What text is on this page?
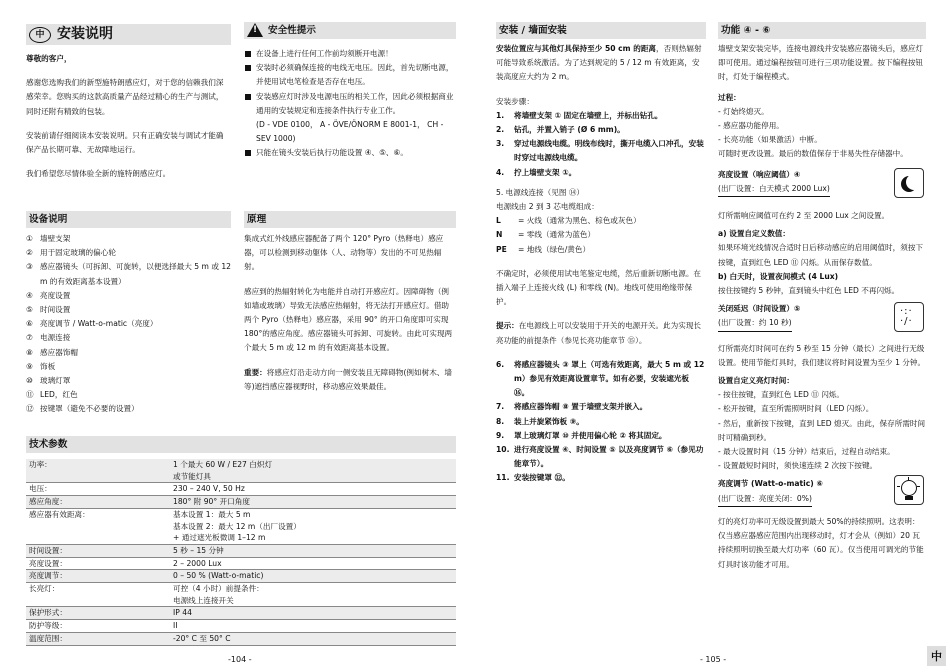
中 安装说明

尊敬的客户，

感谢您选购我们的新型施特朗感应灯，对于您的信赖我们深感荣幸。您购买的这款高质量产品经过精心的生产与测试，同时还附有精致的包装。

安装前请仔细阅读本安装说明。只有正确安装与调试才能确保产品长期可靠、无故障地运行。

我们希望您尽情体验全新的施特朗感应灯。

设备说明
① 墙壁支架
② 用于固定玻璃的偏心轮
③ 感应器镜头（可拆卸、可旋转，以便选择最大 5 m 或 12 m 的有效距离基本设置）
④ 亮度设置
⑤ 时间设置
⑥ 亮度调节 / Watt-o-matic（亮度）
⑦ 电源连接
⑧ 感应器饰帽
⑨ 饰板
⑩ 玻璃灯罩
⑪ LED，红色
⑫ 按键罩（避免不必要的设置）
!安全性提示

在设备上进行任何工作前均须断开电源！

安装时必须确保连接的电线无电压。因此，首先切断电源，并使用试电笔检查是否存在电压。

安装感应灯时涉及电源电压的相关工作，因此必须根据商业通用的安装规定和连接条件执行专业工作。

(D - VDE 0100， A - ÖVE/ÖNORM E 8001-1， CH - SEV 1000)

只能在镜头安装后执行功能设置 ④、⑤、⑥。

原理

集成式红外线感应器配备了两个 120° Pyro（热释电）感应器，可以检测到移动躯体（人、动物等）发出的不可见热辐射。

感应到的热辐射转化为电能并自动打开感应灯。因障碍物（例如墙或玻璃）导致无法感应热辐射，将无法打开感应灯。借助两个 Pyro（热释电）感应器，采用 90° 的开口角度即可实现 180°的感应角度。感应器镜头可拆卸、可旋转。由此可实现两个最大 5 m 或 12 m 的有效距离基本设置。

重要：将感应灯沿走动方向一侧安装且无障碍物(例如树木、墙等)遮挡感应器视野时，移动感应效果最佳。

技术参数
功率：	1 个最大 60 W / E27 白炽灯
或节能灯具
电压：	230 – 240 V, 50 Hz
感应角度：	180° 附 90° 开口角度
感应器有效距离：	基本设置 1：最大 5 m
基本设置 2：最大 12 m（出厂设置）
+ 通过遮光板微调 1–12 m
时间设置：	5 秒 – 15 分钟
亮度设置：	2 – 2000 Lux
亮度调节：	0 – 50 % (Watt-o-matic)
长亮灯：	可控（4 小时）前提条件：
电源线上连接开关
保护形式：	IP 44
防护等级：	II
温度范围：	-20° C 至 50° C
-104 -
安装 / 墙面安装

安装位置应与其他灯具保持至少 50 cm 的距离，否则热辐射可能导致系统激活。为了达到规定的 5 / 12 m 有效距离，安装高度应大约为 2 m。

安装步骤：

1.	将墙壁支架 ① 固定在墙壁上，并标出钻孔。
2.	钻孔，并置入销子 (Ø 6 mm)。
3.	穿过电源线电缆。明线布线时，撕开电缆入口冲孔，安装时穿过电源线电缆。
4.	拧上墙壁支架 ①。

5. 电源线连接（见图 ⑭）

电源线由 2 到 3 芯电缆组成：

L	= 火线（通常为黑色、棕色或灰色）
N	= 零线（通常为蓝色）
PE	= 地线（绿色/黄色）

不确定时，必须使用试电笔鉴定电缆，然后重新切断电源。在插入端子上连接火线 (L) 和零线 (N)。地线可使用绝缘带保护。

提示：在电源线上可以安装用于开关的电源开关。此为实现长亮功能的前提条件（参见长亮功能章节 ⑮）。

6.	将感应器镜头 ③ 罩上（可选有效距离，最大 5 m 或 12 m）参见有效距离设置章节。如有必要，安装遮光板 ⑯。
7.	将感应器饰帽 ⑧ 置于墙壁支架并嵌入。
8.	装上并旋紧饰板 ⑨。
9.	罩上玻璃灯罩 ⑩ 并使用偏心轮 ② 将其固定。
10. 进行亮度设置 ④、时间设置 ⑤ 以及亮度调节 ⑥（参见功能章节）。
11. 安装按键罩 ⑫。
功能 ④ - ⑥

墙壁支架安装完毕，连接电源线并安装感应器镜头后，感应灯即可使用。通过编程按钮可进行三项功能设置。按下编程按钮时，灯处于编程模式。

过程：

- 灯始终熄灭。

- 感应器功能停用。

- 长亮功能（如果激活）中断。

可随时更改设置。最后的数值保存于非易失性存储器中。

亮度设置（响应阈值）④

(出厂设置：白天模式 2000 Lux)

灯所需响应阈值可在约 2 至 2000 Lux 之间设置。

a) 设置自定义数值：

如果环境光线情况合适时日后移动感应的启用阈值时，须按下按键，直到红色 LED ⑪ 闪烁。从而保存数值。

b) 白天时，设置夜间模式 (4 Lux)

按住按键约 5 秒钟，直到镜头中红色 LED 不再闪烁。

·:·
·/·

关闭延迟（时间设置）⑤

(出厂设置：约 10 秒)

灯所需亮灯时间可在约 5 秒至 15 分钟（最长）之间进行无级设置。使用节能灯具时，我们建议将时间设置为至少 1 分钟。

设置自定义亮灯时间：

- 按住按键，直到红色 LED ⑪ 闪烁。

- 松开按键，直至所需照明时间（LED 闪烁）。

- 然后，重新按下按键，直到 LED 熄灭。由此，保存所需时间时可精确到秒。

- 最大设置时间（15 分钟）结束后，过程自动结束。

- 设置最短时间时，须快速连续 2 次按下按键。

亮度调节 (Watt-o-matic) ⑥

(出厂设置：亮度关闭：0%)

灯的亮灯功率可无级设置到最大 50%的持续照明。这表明：仅当感应器感应范围内出现移动时，灯才会从（例如）20 瓦持续照明切换至最大灯功率（60 瓦）。仅当使用可调光的节能灯具时该功能才可用。

- 105 -	中
